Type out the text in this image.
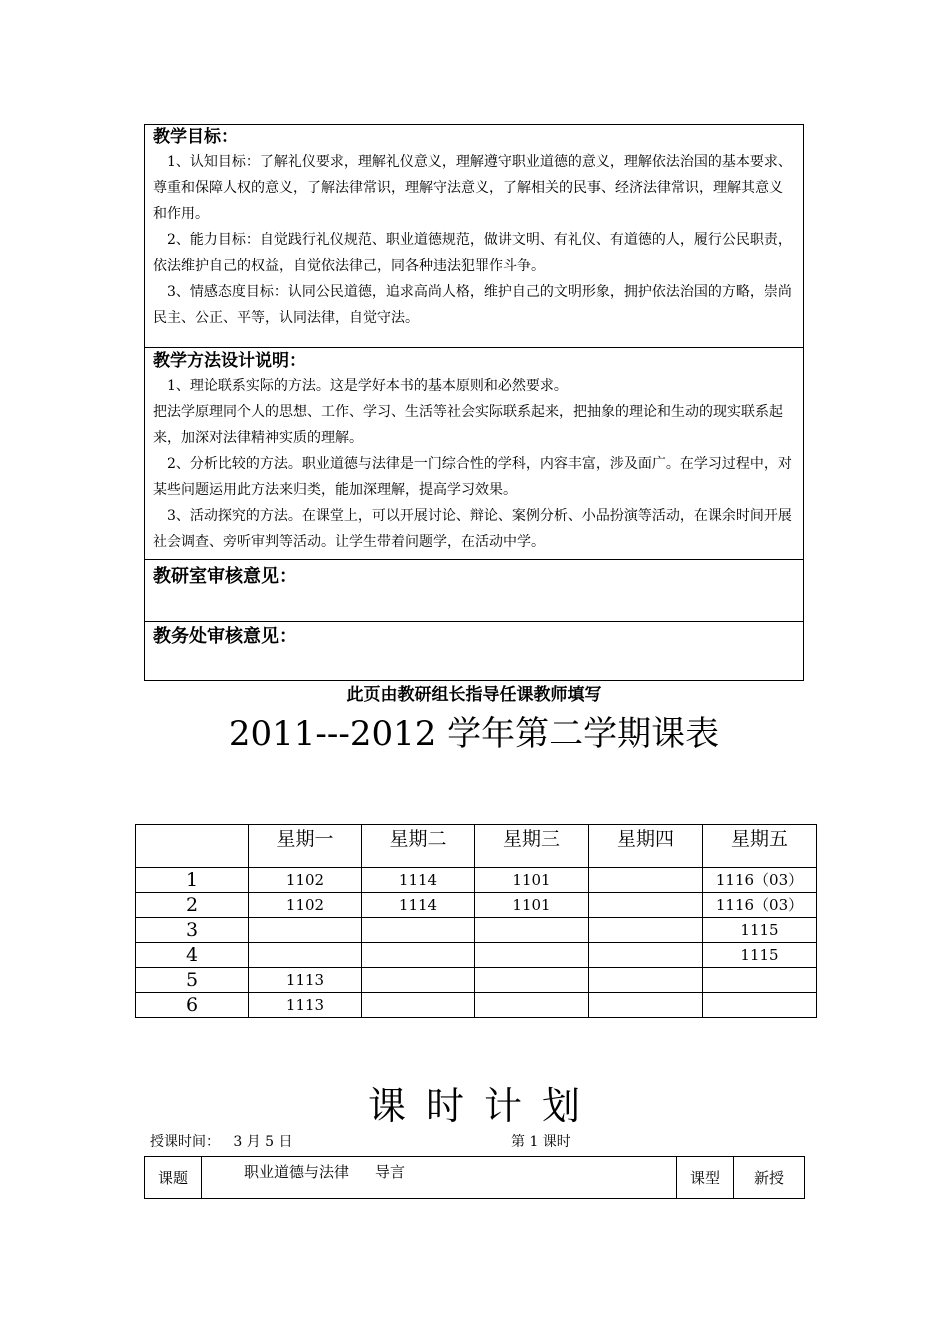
教学目标：
1、认知目标：了解礼仪要求，理解礼仪意义，理解遵守职业道德的意义，理解依法治国的基本要求、尊重和保障人权的意义，了解法律常识，理解守法意义，了解相关的民事、经济法律常识，理解其意义和作用。
2、能力目标：自觉践行礼仪规范、职业道德规范，做讲文明、有礼仪、有道德的人，履行公民职责，依法维护自己的权益，自觉依法律己，同各种违法犯罪作斗争。
3、情感态度目标：认同公民道德，追求高尚人格，维护自己的文明形象，拥护依法治国的方略，崇尚民主、公正、平等，认同法律，自觉守法。
教学方法设计说明：
1、理论联系实际的方法。这是学好本书的基本原则和必然要求。
把法学原理同个人的思想、工作、学习、生活等社会实际联系起来，把抽象的理论和生动的现实联系起来，加深对法律精神实质的理解。
2、分析比较的方法。职业道德与法律是一门综合性的学科，内容丰富，涉及面广。在学习过程中，对某些问题运用此方法来归类，能加深理解，提高学习效果。
3、活动探究的方法。在课堂上，可以开展讨论、辩论、案例分析、小品扮演等活动，在课余时间开展社会调查、旁听审判等活动。让学生带着问题学，在活动中学。
教研室审核意见：
教务处审核意见：
此页由教研组长指导任课教师填写
2011---2012 学年第二学期课表
	星期一	星期二	星期三	星期四	星期五
1	1102	1114	1101		1116（03）
2	1102	1114	1101		1116（03）
3					1115
4					1115
5	1113				
6	1113				
课时计划
授课时间： 3 月 5 日	第 1 课时
课题	职业道德与法律 导言	课型	新授
